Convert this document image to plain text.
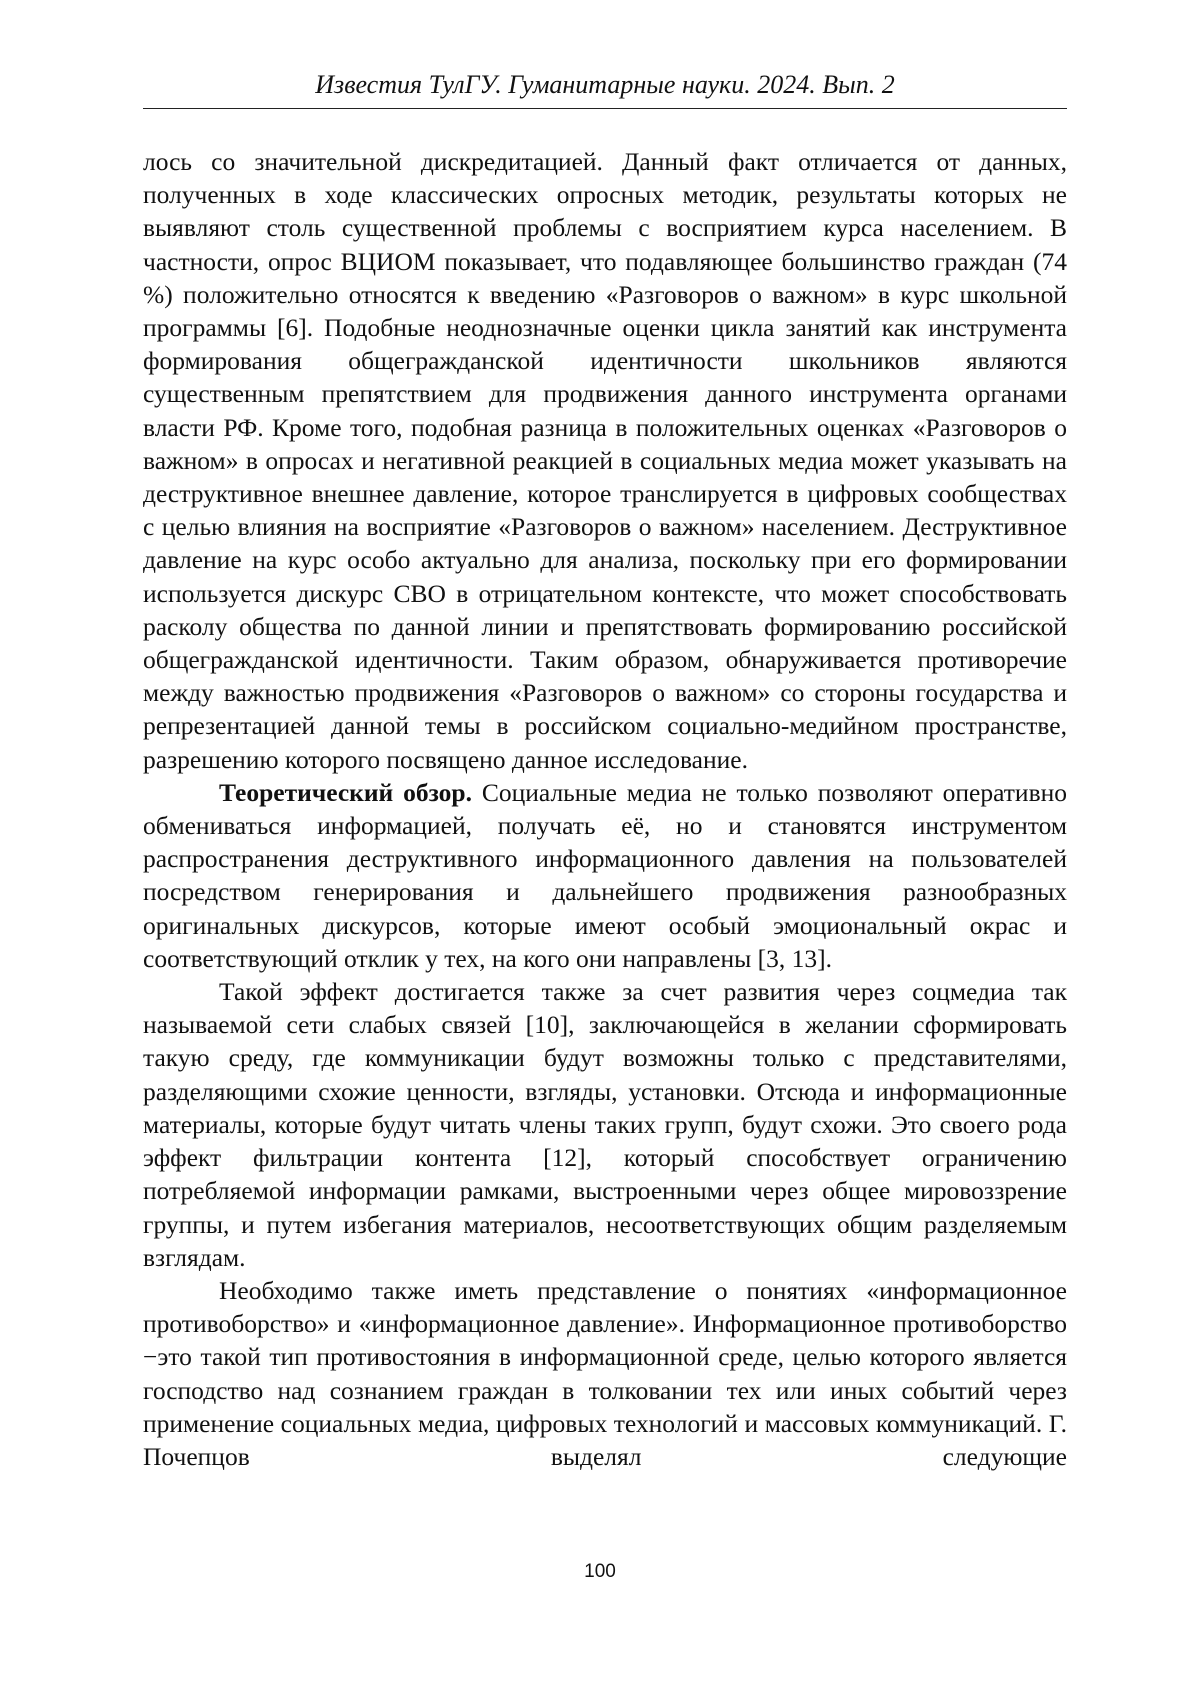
Известия ТулГУ. Гуманитарные науки. 2024. Вып. 2

лось со значительной дискредитацией. Данный факт отличается от данных, полученных в ходе классических опросных методик, результаты которых не выявляют столь существенной проблемы с восприятием курса населением. В частности, опрос ВЦИОМ показывает, что подавляющее большинство граждан (74 %) положительно относятся к введению «Разговоров о важном» в курс школьной программы [6]. Подобные неоднозначные оценки цикла занятий как инструмента формирования общегражданской идентичности школьников являются существенным препятствием для продвижения данного инструмента органами власти РФ. Кроме того, подобная разница в положительных оценках «Разговоров о важном» в опросах и негативной реакцией в социальных медиа может указывать на деструктивное внешнее давление, которое транслируется в цифровых сообществах с целью влияния на восприятие «Разговоров о важном» населением. Деструктивное давление на курс особо актуально для анализа, поскольку при его формировании используется дискурс СВО в отрицательном контексте, что может способствовать расколу общества по данной линии и препятствовать формированию российской общегражданской идентичности. Таким образом, обнаруживается противоречие между важностью продвижения «Разговоров о важном» со стороны государства и репрезентацией данной темы в российском социально-медийном пространстве, разрешению которого посвящено данное исследование.

Теоретический обзор. Социальные медиа не только позволяют оперативно обмениваться информацией, получать её, но и становятся инструментом распространения деструктивного информационного давления на пользователей посредством генерирования и дальнейшего продвижения разнообразных оригинальных дискурсов, которые имеют особый эмоциональный окрас и соответствующий отклик у тех, на кого они направлены [3, 13].

Такой эффект достигается также за счет развития через соцмедиа так называемой сети слабых связей [10], заключающейся в желании сформировать такую среду, где коммуникации будут возможны только с представителями, разделяющими схожие ценности, взгляды, установки. Отсюда и информационные материалы, которые будут читать члены таких групп, будут схожи. Это своего рода эффект фильтрации контента [12], который способствует ограничению потребляемой информации рамками, выстроенными через общее мировоззрение группы, и путем избегания материалов, несоответствующих общим разделяемым взглядам.

Необходимо также иметь представление о понятиях «информационное противоборство» и «информационное давление». Информационное противоборство −это такой тип противостояния в информационной среде, целью которого является господство над сознанием граждан в толковании тех или иных событий через применение социальных медиа, цифровых технологий и массовых коммуникаций. Г. Почепцов выделял следующие

100
